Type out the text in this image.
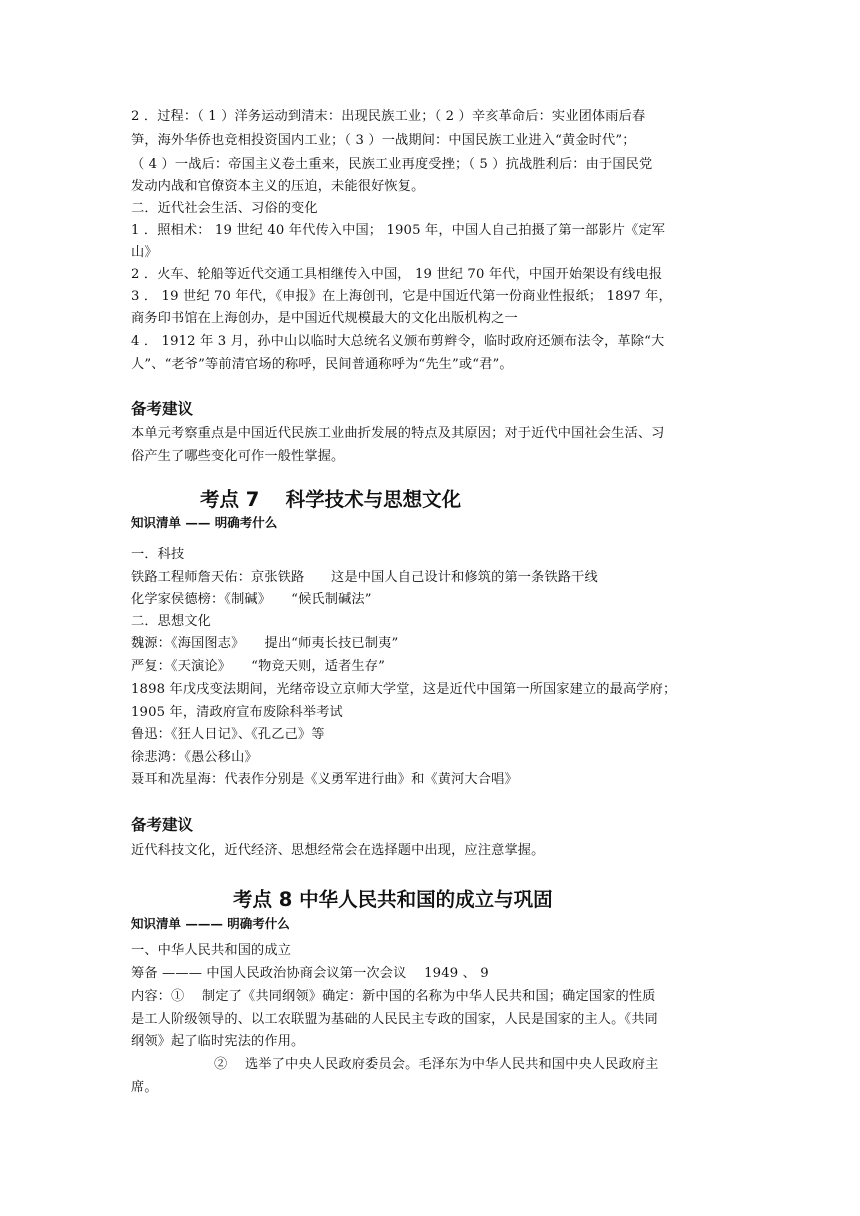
2 ．过程：（ 1 ）洋务运动到清末：出现民族工业；（ 2 ）辛亥革命后：实业团体雨后春
笋，海外华侨也竞相投资国内工业；（ 3 ）一战期间：中国民族工业进入“黄金时代”；
（ 4 ）一战后：帝国主义卷土重来，民族工业再度受挫；（ 5 ）抗战胜利后：由于国民党
发动内战和官僚资本主义的压迫，未能很好恢复。
二．近代社会生活、习俗的变化
1 ．照相术： 19 世纪 40 年代传入中国； 1905 年，中国人自己拍摄了第一部影片《定军
山》
2 ．火车、轮船等近代交通工具相继传入中国， 19 世纪 70 年代，中国开始架设有线电报
3 ． 19 世纪 70 年代，《申报》在上海创刊，它是中国近代第一份商业性报纸； 1897 年，
商务印书馆在上海创办，是中国近代规模最大的文化出版机构之一
4 ． 1912 年 3 月，孙中山以临时大总统名义颁布剪辫令，临时政府还颁布法令，革除“大
人”、“老爷”等前清官场的称呼，民间普通称呼为“先生”或“君”。
备考建议
本单元考察重点是中国近代民族工业曲折发展的特点及其原因；对于近代中国社会生活、习
俗产生了哪些变化可作一般性掌握。
考点 7　 科学技术与思想文化
知识清单 —— 明确考什么
一．科技
铁路工程师詹天佑：京张铁路　　这是中国人自己设计和修筑的第一条铁路干线
化学家侯德榜：《制碱》　　“候氏制碱法”
二．思想文化
魏源：《海国图志》　　提出“师夷长技已制夷”
严复：《天演论》　　“物竞天则，适者生存”
1898 年戊戌变法期间，光绪帝设立京师大学堂，这是近代中国第一所国家建立的最高学府；
1905 年，清政府宣布废除科举考试
鲁迅：《狂人日记》、《孔乙己》等
徐悲鸿：《愚公移山》
聂耳和冼星海：代表作分别是《义勇军进行曲》和《黄河大合唱》
备考建议
近代科技文化，近代经济、思想经常会在选择题中出现，应注意掌握。
考点 8 中华人民共和国的成立与巩固
知识清单 ——— 明确考什么
一、中华人民共和国的成立
筹备 ——— 中国人民政治协商会议第一次会议　 1949 、 9
内容：①　 制定了《共同纲领》确定：新中国的名称为中华人民共和国；确定国家的性质
是工人阶级领导的、以工农联盟为基础的人民民主专政的国家，人民是国家的主人。《共同
纲领》起了临时宪法的作用。
②　 选举了中央人民政府委员会。毛泽东为中华人民共和国中央人民政府主
席。
